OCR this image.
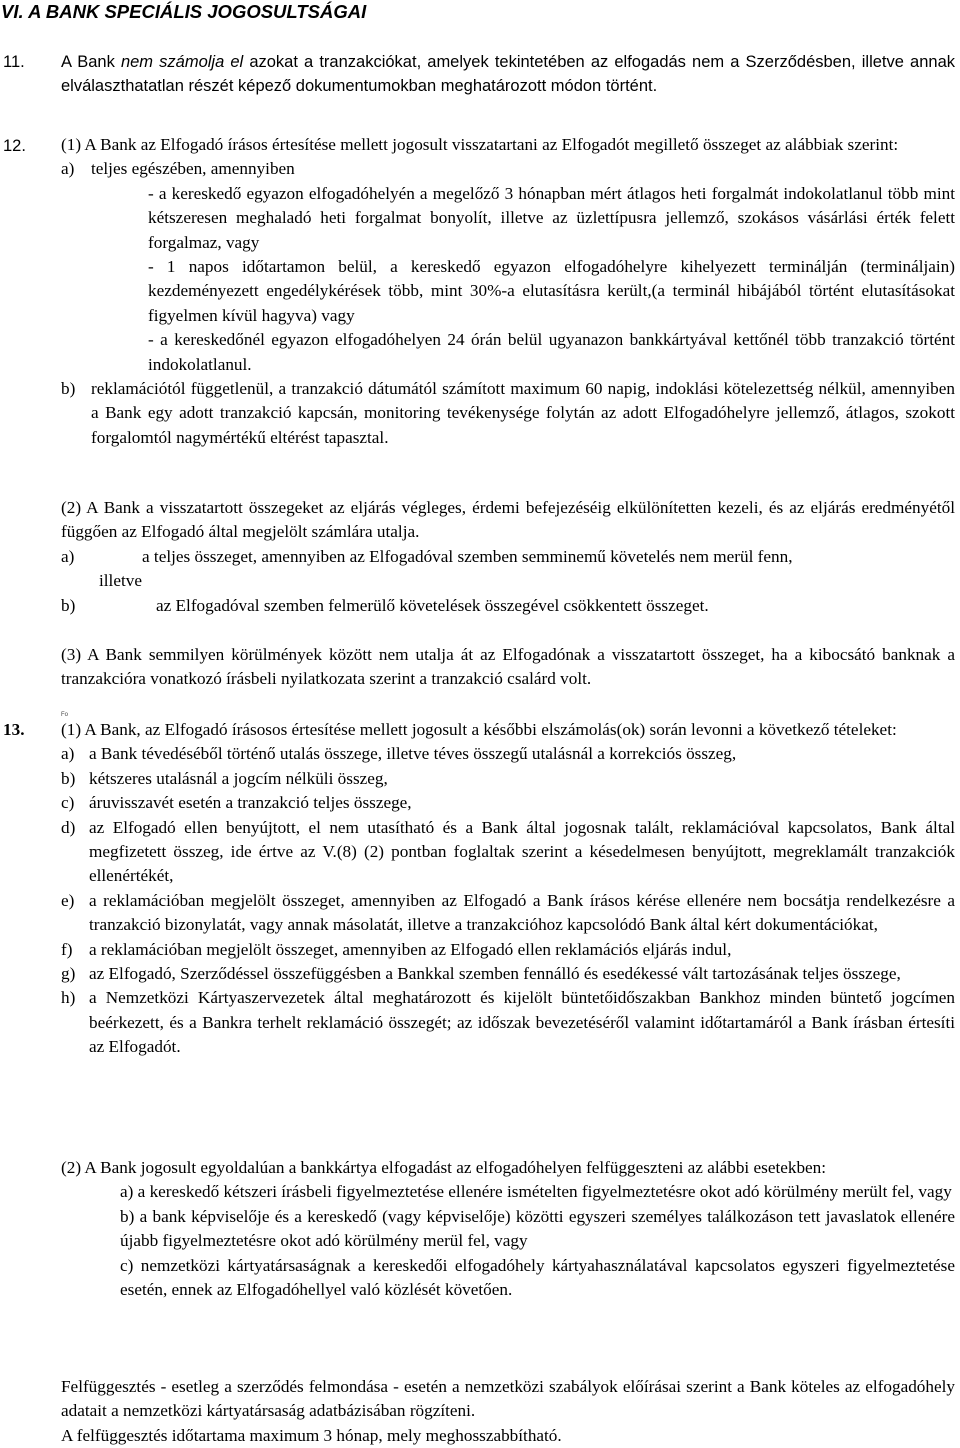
VI. A BANK SPECIÁLIS JOGOSULTSÁGAI
11. A Bank nem számolja el azokat a tranzakciókat, amelyek tekintetében az elfogadás nem a Szerződésben, illetve annak elválaszthatatlan részét képező dokumentumokban meghatározott módon történt.

12. (1) A Bank az Elfogadó írásos értesítése mellett jogosult visszatartani az Elfogadót megillető összeget az alábbiak szerint:

a) teljes egészében, amennyiben

- a kereskedő egyazon elfogadóhelyén a megelőző 3 hónapban mért átlagos heti forgalmát indokolatlanul több mint kétszeresen meghaladó heti forgalmat bonyolít, illetve az üzlettípusra jellemző, szokásos vásárlási érték felett forgalmaz, vagy

- 1 napos időtartamon belül, a kereskedő egyazon elfogadóhelyre kihelyezett terminálján (termináljain) kezdeményezett engedélykérések több, mint 30%-a elutasításra került,(a terminál hibájából történt elutasításokat figyelmen kívül hagyva) vagy

- a kereskedőnél egyazon elfogadóhelyen 24 órán belül ugyanazon bankkártyával kettőnél több tranzakció történt indokolatlanul.

b) reklamációtól függetlenül, a tranzakció dátumától számított maximum 60 napig, indoklási kötelezettség nélkül, amennyiben a Bank egy adott tranzakció kapcsán, monitoring tevékenysége folytán az adott Elfogadóhelyre jellemző, átlagos, szokott forgalomtól nagymértékű eltérést tapasztal.

(2) A Bank a visszatartott összegeket az eljárás végleges, érdemi befejezéséig elkülönítetten kezeli, és az eljárás eredményétől függően az Elfogadó által megjelölt számlára utalja.

a)	a teljes összeget, amennyiben az Elfogadóval szemben semminemű követelés nem merül fenn,

illetve

b)	az Elfogadóval szemben felmerülő követelések összegével csökkentett összeget.

(3) A Bank semmilyen körülmények között nem utalja át az Elfogadónak a visszatartott összeget, ha a kibocsátó banknak a tranzakcióra vonatkozó írásbeli nyilatkozata szerint a tranzakció csalárd volt.

Fo
13. (1) A Bank, az Elfogadó írásosos értesítése mellett jogosult a későbbi elszámolás(ok) során levonni a következő tételeket:

a) a Bank tévedéséből történő utalás összege, illetve téves összegű utalásnál a korrekciós összeg,

b) kétszeres utalásnál a jogcím nélküli összeg,

c) áruvisszavét esetén a tranzakció teljes összege,

d) az Elfogadó ellen benyújtott, el nem utasítható és a Bank által jogosnak talált, reklamációval kapcsolatos, Bank által megfizetett összeg, ide értve az V.(8) (2) pontban foglaltak szerint a késedelmesen benyújtott, megreklamált tranzakciók ellenértékét,

e) a reklamációban megjelölt összeget, amennyiben az Elfogadó a Bank írásos kérése ellenére nem bocsátja rendelkezésre a tranzakció bizonylatát, vagy annak másolatát, illetve a tranzakcióhoz kapcsolódó Bank által kért dokumentációkat,

f) a reklamációban megjelölt összeget, amennyiben az Elfogadó ellen reklamációs eljárás indul,

g) az Elfogadó, Szerződéssel összefüggésben a Bankkal szemben fennálló és esedékessé vált tartozásának teljes összege,

h) a Nemzetközi Kártyaszervezetek által meghatározott és kijelölt büntetőidőszakban Bankhoz minden büntető jogcímen beérkezett, és a Bankra terhelt reklamáció összegét; az időszak bevezetéséről valamint időtartamáról a Bank írásban értesíti az Elfogadót.

(2) A Bank jogosult egyoldalúan a bankkártya elfogadást az elfogadóhelyen felfüggeszteni az alábbi esetekben:

a) a kereskedő kétszeri írásbeli figyelmeztetése ellenére ismételten figyelmeztetésre okot adó körülmény merült fel, vagy

b) a bank képviselője és a kereskedő (vagy képviselője) közötti egyszeri személyes találkozáson tett javaslatok ellenére újabb figyelmeztetésre okot adó körülmény merül fel, vagy

c) nemzetközi kártyatársaságnak a kereskedői elfogadóhely kártyahasználatával kapcsolatos egyszeri figyelmeztetése esetén, ennek az Elfogadóhellyel való közlését követően.

Felfüggesztés - esetleg a szerződés felmondása - esetén a nemzetközi szabályok előírásai szerint a Bank köteles az elfogadóhely adatait a nemzetközi kártyatársaság adatbázisában rögzíteni.

A felfüggesztés időtartama maximum 3 hónap, mely meghosszabbítható.
